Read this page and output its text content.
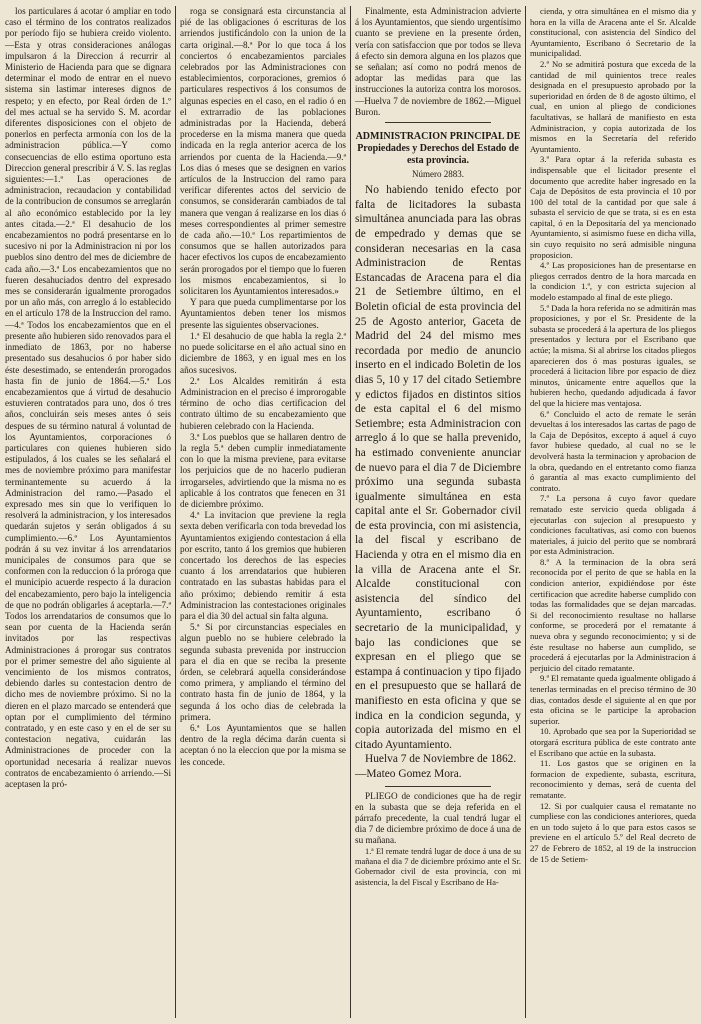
los particulares á acotar ó ampliar en todo caso el término de los contratos realizados por período fijo se hubiera creido violento.—Esta y otras consideraciones análogas impulsaron á la Direccion á recurrir al Ministerio de Hacienda para que se dignara determinar el modo de entrar en el nuevo sistema sin lastimar intereses dignos de respeto; y en efecto, por Real órden de 1.º del mes actual se ha servido S. M. acordar diferentes disposiciones con el objeto de ponerlos en perfecta armonía con los de la administracion pública.—Y como consecuencias de ello estima oportuno esta Direccion general prescribir á V. S. las reglas siguientes:—1.ª Las operaciones de administracion, recaudacion y contabilidad de la contribucion de consumos se arreglarán al año económico establecido por la ley antes citada.—2.ª El desahucio de los encabezamientos no podrá presentarse en lo sucesivo ni por la Administracion ni por los pueblos sino dentro del mes de diciembre de cada año.—3.ª Los encabezamientos que no fueren desahuciados dentro del expresado mes se considerarán igualmente prorogados por un año más, con arreglo á lo establecido en el artículo 178 de la Instruccion del ramo.—4.ª Todos los encabezamientos que en el presente año hubieren sido renovados para el inmediato de 1863, por no haberse presentado sus desahucios ó por haber sido éste desestimado, se entenderán prorogados hasta fin de junio de 1864.—5.ª Los encabezamientos que á virtud de desahucio estuvieren contratados para uno, dos ó tres años, concluirán seis meses antes ó seis despues de su término natural á voluntad de los Ayuntamientos, corporaciones ó particulares con quienes hubieren sido estipulados, á los cuales se les señalará el mes de noviembre próximo para manifestar terminantemente su acuerdo á la Administracion del ramo.—Pasado el expresado mes sin que lo verifiquen lo resolverá la administracion, y los interesados quedarán sujetos y serán obligados á su cumplimiento.—6.ª Los Ayuntamientos podrán á su vez invitar á los arrendatarios municipales de consumos para que se conformen con la reduccion ó la próroga que el municipio acuerde respecto á la duracion del encabezamiento, pero bajo la inteligencia de que no podrán obligarles á aceptarla.—7.ª Todos los arrendatarios de consumos que lo sean por cuenta de la Hacienda serán invitados por las respectivas Administraciones á prorogar sus contratos por el primer semestre del año siguiente al vencimiento de los mismos contratos, debiendo darles su contestacion dentro de dicho mes de noviembre próximo. Si no la dieren en el plazo marcado se entenderá que optan por el cumplimiento del término contratado, y en este caso y en el de ser su contestacion negativa, cuidarán las Administraciones de proceder con la oportunidad necesaria á realizar nuevos contratos de encabezamiento ó arriendo.—Si aceptasen la pró-

roga se consignará esta circunstancia al pié de las obligaciones ó escrituras de los arriendos justificándolo con la union de la carta original.—8.ª Por lo que toca á los conciertos ó encabezamientos parciales celebrados por las Administraciones con establecimientos, corporaciones, gremios ó particulares respectivos á los consumos de algunas especies en el caso, en el radio ó en el extrarradio de las poblaciones administradas por la Hacienda, deberá procederse en la misma manera que queda indicada en la regla anterior acerca de los arriendos por cuenta de la Hacienda.—9.ª Los dias ó meses que se designen en varios artículos de la Instruccion del ramo para verificar diferentes actos del servicio de consumos, se considerarán cambiados de tal manera que vengan á realizarse en los dias ó meses correspondientes al primer semestre de cada año.—10.ª Los repartimientos de consumos que se hallen autorizados para hacer efectivos los cupos de encabezamiento serán prorogados por el tiempo que lo fueren los mismos encabezamientos, si lo solicitaren los Ayuntamientos interesados.»

Y para que pueda cumplimentarse por los Ayuntamientos deben tener los mismos presente las siguientes observaciones.

1.ª El desahucio de que habla la regla 2.ª no puede solicitarse en el año actual sino en diciembre de 1863, y en igual mes en los años sucesivos.

2.ª Los Alcaldes remitirán á esta Administracion en el preciso é improrogable término de ocho dias certificacion del contrato último de su encabezamiento que hubieren celebrado con la Hacienda.

3.ª Los pueblos que se hallaren dentro de la regla 5.ª deben cumplir inmediatamente con lo que la misma previene, para evitarse los perjuicios que de no hacerlo pudieran irrogarseles, advirtiendo que la misma no es aplicable á los contratos que fenecen en 31 de diciembre próximo.

4.ª La invitacion que previene la regla sexta deben verificarla con toda brevedad los Ayuntamientos exigiendo contestacion á ella por escrito, tanto á los gremios que hubieren concertado los derechos de las especies cuanto á los arrendatarios que hubieren contratado en las subastas habidas para el año próximo; debiendo remitir á esta Administracion las contestaciones originales para el dia 30 del actual sin falta alguna.

5.ª Si por circunstancias especiales en algun pueblo no se hubiere celebrado la segunda subasta prevenida por instruccion para el dia en que se reciba la presente órden, se celebrará aquella considerándose como primera, y ampliando el término del contrato hasta fin de junio de 1864, y la segunda á los ocho dias de celebrada la primera.

6.ª Los Ayuntamientos que se hallen dentro de la regla décima darán cuenta si aceptan ó no la eleccion que por la misma se les concede.

Finalmente, esta Administracion advierte á los Ayuntamientos, que siendo urgentísimo cuanto se previene en la presente órden, vería con satisfaccion que por todos se lleva á efecto sin demora alguna en los plazos que se señalan; así como no podrá menos de adoptar las medidas para que las instrucciones la autoriza contra los morosos.—Huelva 7 de noviembre de 1862.—Miguel Buron.

ADMINISTRACION PRINCIPAL DE Propiedades y Derechos del Estado de esta provincia.

Número 2883.

No habiendo tenido efecto por falta de licitadores la subasta simultánea anunciada para las obras de empedrado y demas que se consideran necesarias en la casa Administracion de Rentas Estancadas de Aracena para el dia 21 de Setiembre último, en el Boletin oficial de esta provincia del 25 de Agosto anterior, Gaceta de Madrid del 24 del mismo mes recordada por medio de anuncio inserto en el indicado Boletin de los dias 5, 10 y 17 del citado Setiembre y edictos fijados en distintos sitios de esta capital el 6 del mismo Setiembre; esta Administracion con arreglo á lo que se halla prevenido, ha estimado conveniente anunciar de nuevo para el dia 7 de Diciembre próximo una segunda subasta igualmente simultánea en esta capital ante el Sr. Gobernador civil de esta provincia, con mi asistencia, la del fiscal y escribano de Hacienda y otra en el mismo dia en la villa de Aracena ante el Sr. Alcalde constitucional con asistencia del síndico del Ayuntamiento, escribano ó secretario de la municipalidad, y bajo las condiciones que se expresan en el pliego que se estampa á continuacion y tipo fijado en el presupuesto que se hallará de manifiesto en esta oficina y que se indica en la condicion segunda, y copia autorizada del mismo en el citado Ayuntamiento.

Huelva 7 de Noviembre de 1862.—Mateo Gomez Mora.

PLIEGO de condiciones que ha de regir en la subasta que se deja referida en el párrafo precedente, la cual tendrá lugar el dia 7 de diciembre próximo de doce á una de su mañana.

1.ª El remate tendrá lugar de doce á una de su mañana el dia 7 de diciembre próximo ante el Sr. Gobernador civil de esta provincia, con mi asistencia, la del Fiscal y Escribano de Ha-

cienda, y otra simultánea en el mismo dia y hora en la villa de Aracena ante el Sr. Alcalde constitucional, con asistencia del Síndico del Ayuntamiento, Escribano ó Secretario de la municipalidad.

2.ª No se admitirá postura que exceda de la cantidad de mil quinientos trece reales designada en el presupuesto aprobado por la superioridad en órden de 8 de agosto último, el cual, en union al pliego de condiciones facultativas, se hallará de manifiesto en esta Administracion, y copia autorizada de los mismos en la Secretaría del referido Ayuntamiento.

3.ª Para optar á la referida subasta es indispensable que el licitador presente el documento que acredite haber ingresado en la Caja de Depósitos de esta provincia el 10 por 100 del total de la cantidad por que sale á subasta el servicio de que se trata, si es en esta capital, ó en la Depositaría del ya mencionado Ayuntamiento, si asimismo fuese en dicha villa, sin cuyo requisito no será admisible ninguna proposicion.

4.ª Las proposiciones han de presentarse en pliegos cerrados dentro de la hora marcada en la condicion 1.ª, y con estricta sujecion al modelo estampado al final de este pliego.

5.ª Dada la hora referida no se admitirán mas proposiciones, y por el Sr. Presidente de la subasta se procederá á la apertura de los pliegos presentados y lectura por el Escribano que actúe; la misma. Si al abrirse los citados pliegos aparecieren dos ó mas posturas iguales, se procederá á licitacion libre por espacio de diez minutos, únicamente entre aquellos que la hubieren hecho, quedando adjudicada á favor del que la hiciere mas ventajosa.

6.ª Concluido el acto de remate le serán devueltas á los interesados las cartas de pago de la Caja de Depósitos, excepto á aquel á cuyo favor hubiese quedado, al cual no se le devolverá hasta la terminacion y aprobacion de la obra, quedando en el entretanto como fianza ó garantía al mas exacto cumplimiento del contrato.

7.ª La persona á cuyo favor quedare rematado este servicio queda obligada á ejecutarlas con sujecion al presupuesto y condiciones facultativas, así como con buenos materiales, á juicio del perito que se nombrará por esta Administracion.

8.ª A la terminacion de la obra será reconocida por el perito de que se habla en la condicion anterior, expidiéndose por éste certificacion que acredite haberse cumplido con todas las formalidades que se dejan marcadas. Si del reconocimiento resultase no hallarse conforme, se procederá por el rematante á nueva obra y segundo reconocimiento; y si de éste resultase no haberse aun cumplido, se procederá á ejecutarlas por la Administracion á perjuicio del citado rematante.

9.ª El rematante queda igualmente obligado á tenerlas terminadas en el preciso término de 30 dias, contados desde el siguiente al en que por esta oficina se le participe la aprobacion superior.

10. Aprobado que sea por la Superioridad se otorgará escritura pública de este contrato ante el Escribano que actúe en la subasta.

11. Los gastos que se originen en la formacion de expediente, subasta, escritura, reconocimiento y demas, será de cuenta del rematante.

12. Si por cualquier causa el rematante no cumpliese con las condiciones anteriores, queda en un todo sujeto á lo que para estos casos se previene en el artículo 5.º del Real decreto de 27 de Febrero de 1852, al 19 de la instruccion de 15 de Setiem-
